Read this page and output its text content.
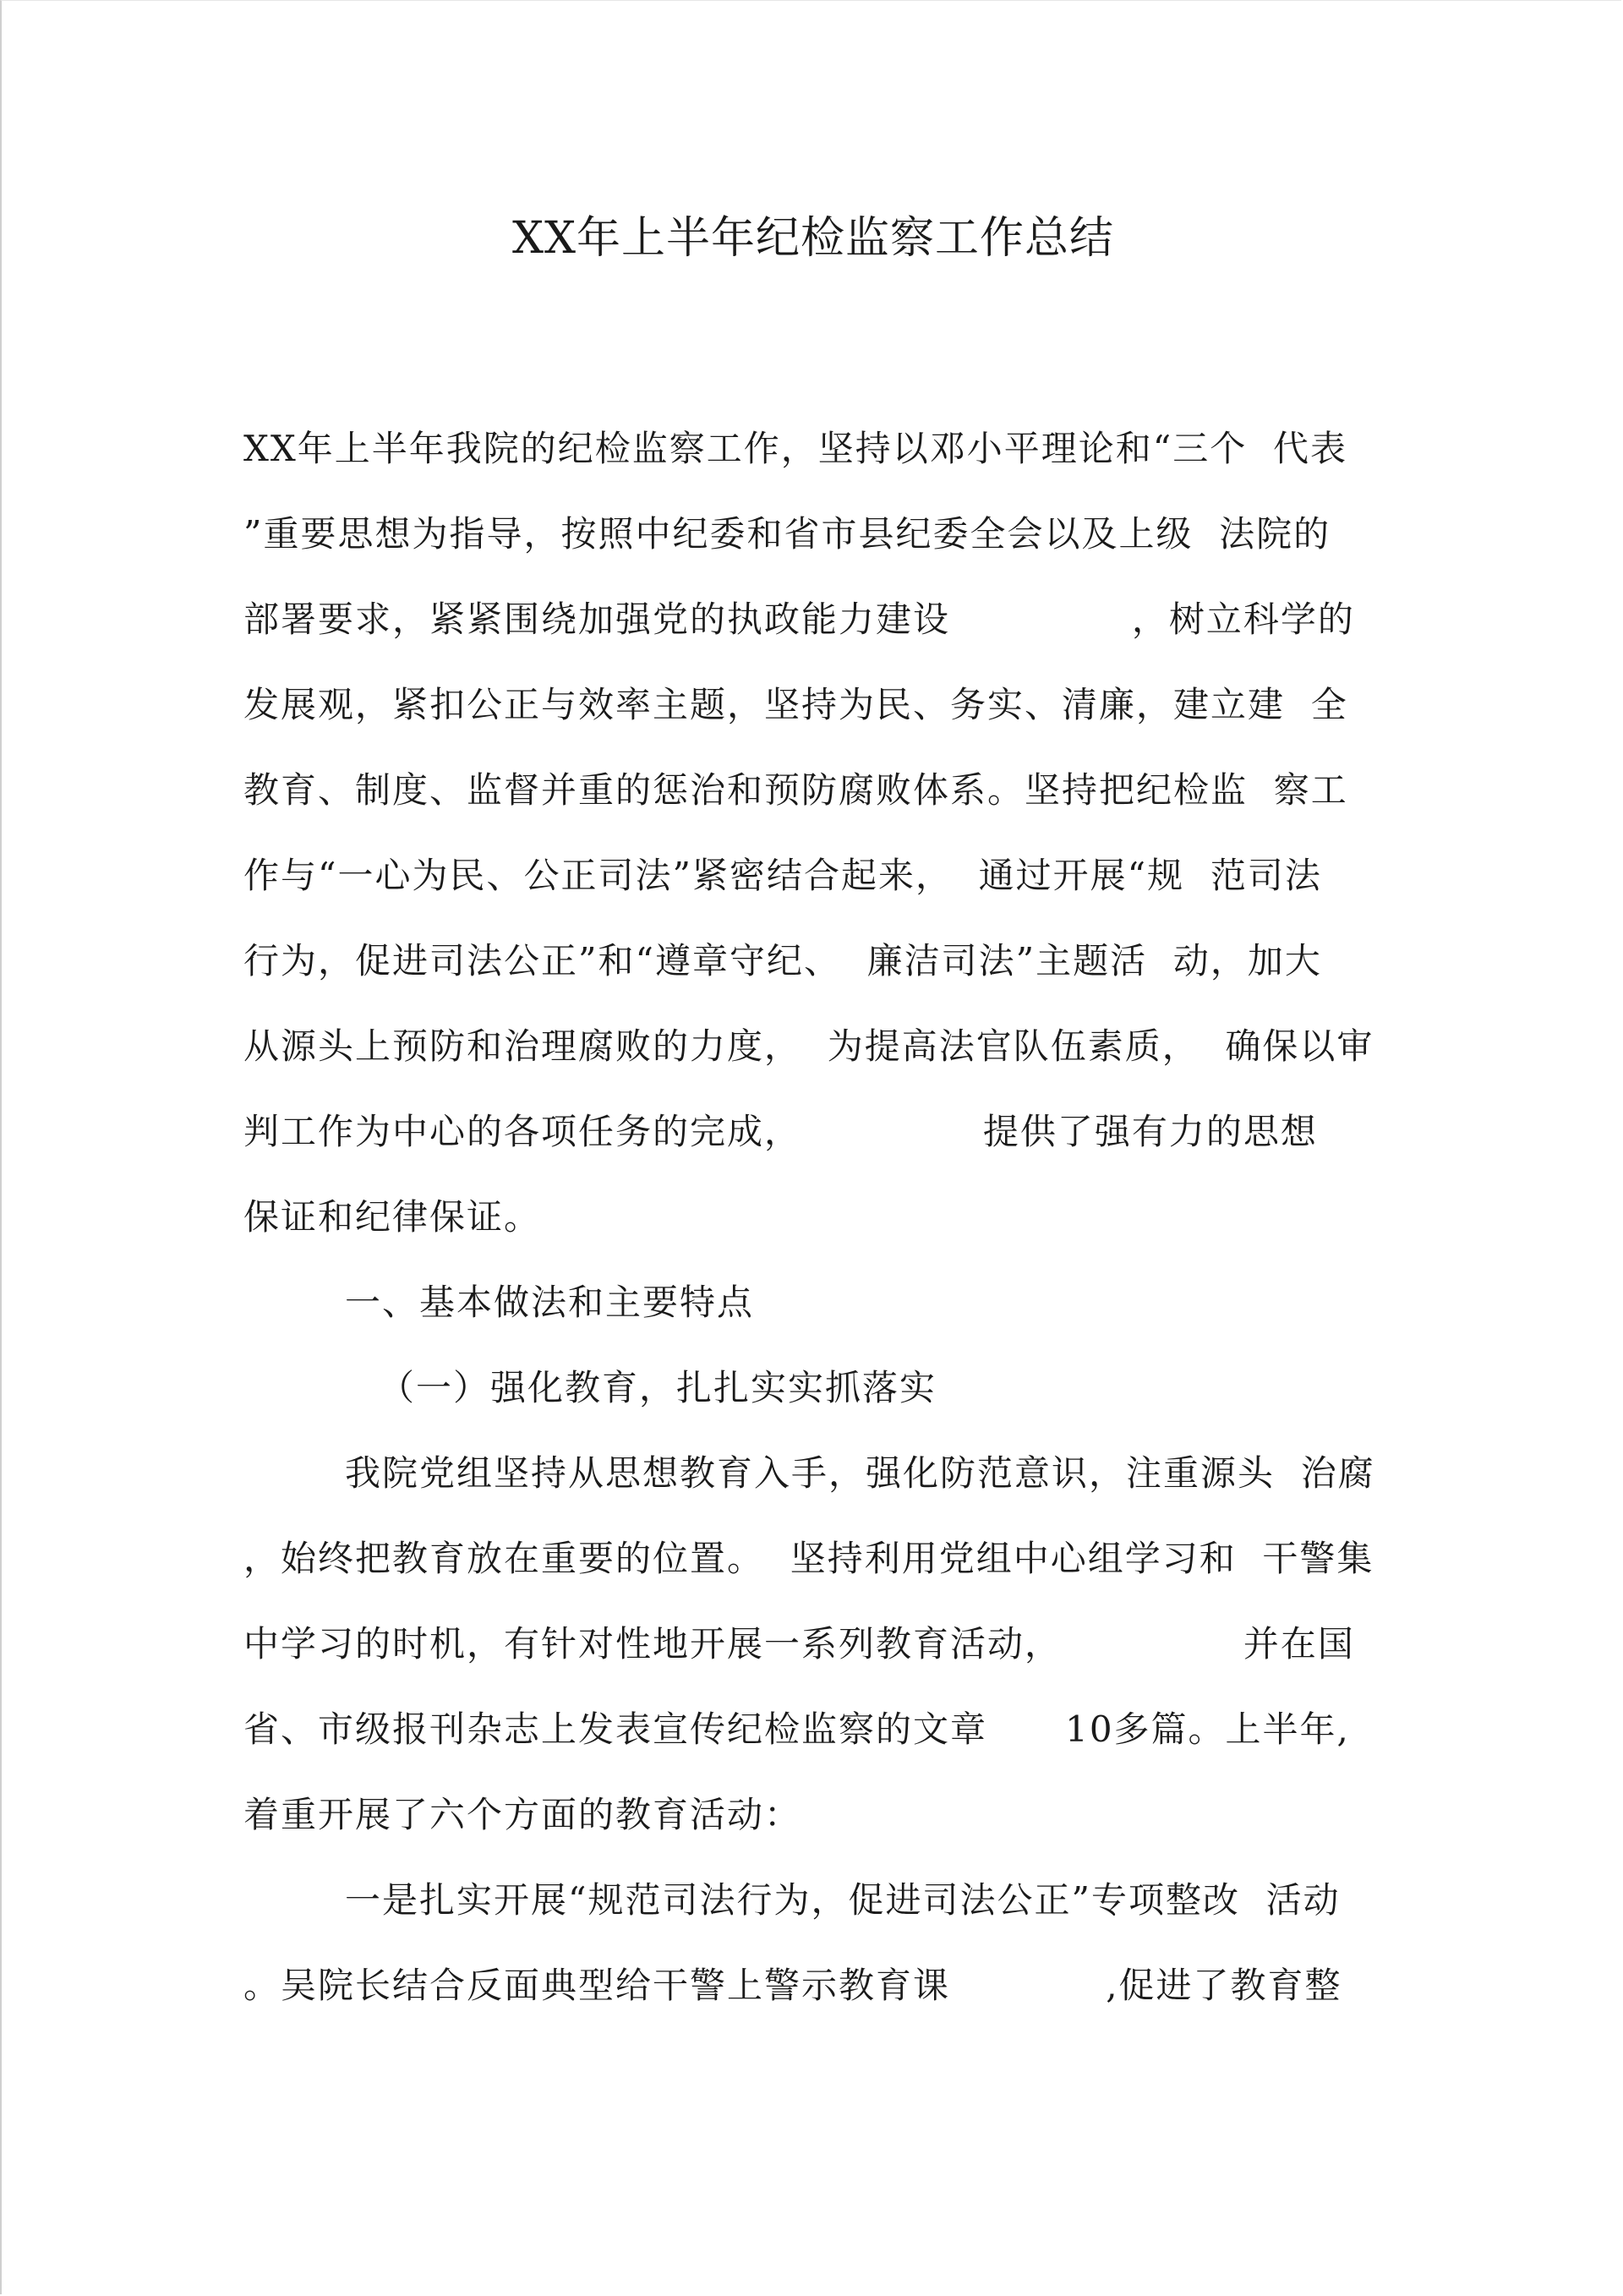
XX年上半年纪检监察工作总结
XX年上半年我院的纪检监察工作，坚持以邓小平理论和“三个  代表
”重要思想为指导，按照中纪委和省市县纪委全会以及上级  法院的
部署要求，紧紧围绕加强党的执政能力建设              ，树立科学的
发展观，紧扣公正与效率主题，坚持为民、务实、清廉，建立建  全
教育、制度、监督并重的惩治和预防腐败体系。坚持把纪检监  察工
作与“一心为民、公正司法”紧密结合起来，  通过开展“规  范司法
行为，促进司法公正”和“遵章守纪、  廉洁司法”主题活  动，加大
从源头上预防和治理腐败的力度，  为提高法官队伍素质，  确保以审
判工作为中心的各项任务的完成，              提供了强有力的思想
保证和纪律保证。
一、基本做法和主要特点
（一）强化教育，扎扎实实抓落实
我院党组坚持从思想教育入手，强化防范意识，注重源头  治腐
，始终把教育放在重要的位置。  坚持利用党组中心组学习和  干警集
中学习的时机，有针对性地开展一系列教育活动，              并在国
省、市级报刊杂志上发表宣传纪检监察的文章      10多篇。上半年,
着重开展了六个方面的教育活动：
一是扎实开展“规范司法行为，促进司法公正”专项整改  活动
。吴院长结合反面典型给干警上警示教育课            ,促进了教育整
